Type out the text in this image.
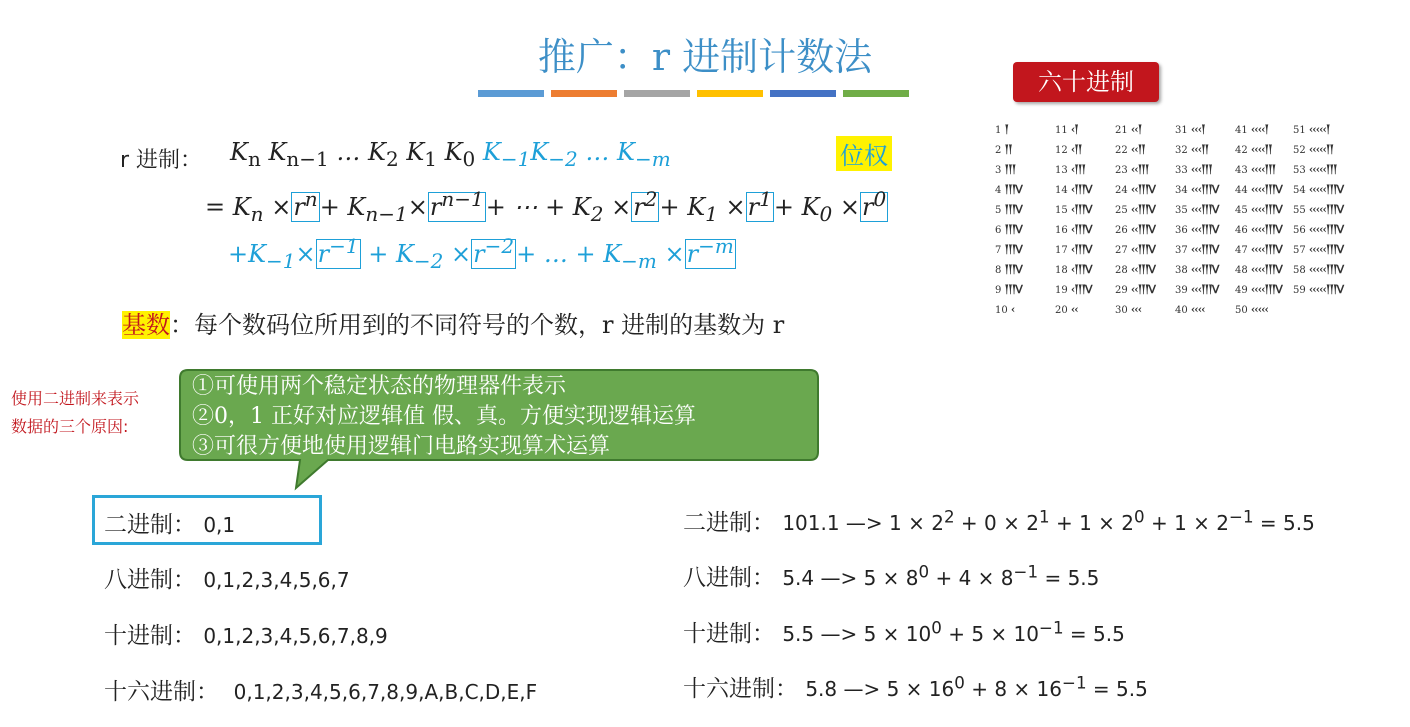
推广：r 进制计数法
六十进制
1 𒁹
2 𒁹𒁹
3 𒁹𒁹𒁹
4 𒁹𒁹𒁹ᐯ
5 𒁹𒁹𒁹ᐯ
6 𒁹𒁹𒁹ᐯ
7 𒁹𒁹𒁹ᐯ
8 𒁹𒁹𒁹ᐯ
9 𒁹𒁹𒁹ᐯ
10 ‹
11 ‹𒁹
12 ‹𒁹𒁹
13 ‹𒁹𒁹𒁹
14 ‹𒁹𒁹𒁹ᐯ
15 ‹𒁹𒁹𒁹ᐯ
16 ‹𒁹𒁹𒁹ᐯ
17 ‹𒁹𒁹𒁹ᐯ
18 ‹𒁹𒁹𒁹ᐯ
19 ‹𒁹𒁹𒁹ᐯ
20 ‹‹
21 ‹‹𒁹
22 ‹‹𒁹𒁹
23 ‹‹𒁹𒁹𒁹
24 ‹‹𒁹𒁹𒁹ᐯ
25 ‹‹𒁹𒁹𒁹ᐯ
26 ‹‹𒁹𒁹𒁹ᐯ
27 ‹‹𒁹𒁹𒁹ᐯ
28 ‹‹𒁹𒁹𒁹ᐯ
29 ‹‹𒁹𒁹𒁹ᐯ
30 ‹‹‹
31 ‹‹‹𒁹
32 ‹‹‹𒁹𒁹
33 ‹‹‹𒁹𒁹𒁹
34 ‹‹‹𒁹𒁹𒁹ᐯ
35 ‹‹‹𒁹𒁹𒁹ᐯ
36 ‹‹‹𒁹𒁹𒁹ᐯ
37 ‹‹‹𒁹𒁹𒁹ᐯ
38 ‹‹‹𒁹𒁹𒁹ᐯ
39 ‹‹‹𒁹𒁹𒁹ᐯ
40 ‹‹‹‹
41 ‹‹‹‹𒁹
42 ‹‹‹‹𒁹𒁹
43 ‹‹‹‹𒁹𒁹𒁹
44 ‹‹‹‹𒁹𒁹𒁹ᐯ
45 ‹‹‹‹𒁹𒁹𒁹ᐯ
46 ‹‹‹‹𒁹𒁹𒁹ᐯ
47 ‹‹‹‹𒁹𒁹𒁹ᐯ
48 ‹‹‹‹𒁹𒁹𒁹ᐯ
49 ‹‹‹‹𒁹𒁹𒁹ᐯ
50 ‹‹‹‹‹
51 ‹‹‹‹‹𒁹
52 ‹‹‹‹‹𒁹𒁹
53 ‹‹‹‹‹𒁹𒁹𒁹
54 ‹‹‹‹‹𒁹𒁹𒁹ᐯ
55 ‹‹‹‹‹𒁹𒁹𒁹ᐯ
56 ‹‹‹‹‹𒁹𒁹𒁹ᐯ
57 ‹‹‹‹‹𒁹𒁹𒁹ᐯ
58 ‹‹‹‹‹𒁹𒁹𒁹ᐯ
59 ‹‹‹‹‹𒁹𒁹𒁹ᐯ
r 进制： $K_n$ $K_{n-1}$ … $K_2$ $K_1$ $K_0$ $K_{-1}K_{-2}$ … $K_{-m}$	位权
= $K_n \times r^n+ K_{n-1}\times r^{n-1}+$ ⋯ + $K_2 \times r^2+ K_1 \times r^1+ K_0 \times r^0$
$+K_{-1}\times r^{-1} + K_{-2} \times r^{-2}+$ … + $K_{-m} \times r^{-m}$
基数：每个数码位所用到的不同符号的个数，r 进制的基数为 r
使用二进制来表示
数据的三个原因:
①可使用两个稳定状态的物理器件表示
②0，1 正好对应逻辑值 假、真。方便实现逻辑运算
③可很方便地使用逻辑门电路实现算术运算
二进制： 0,1
八进制： 0,1,2,3,4,5,6,7
十进制： 0,1,2,3,4,5,6,7,8,9
十六进制： 0,1,2,3,4,5,6,7,8,9,A,B,C,D,E,F
二进制： 101.1 —> $1 \times 2^2 + 0 \times 2^1 + 1 \times 2^0 + 1 \times 2^{-1} = 5.5$
八进制： 5.4 —> $5 \times 8^0 + 4 \times 8^{-1} = 5.5$
十进制： 5.5 —> $5 \times 10^0 + 5 \times 10^{-1} = 5.5$
十六进制： 5.8 —> $5 \times 16^0 + 8 \times 16^{-1} = 5.5$
